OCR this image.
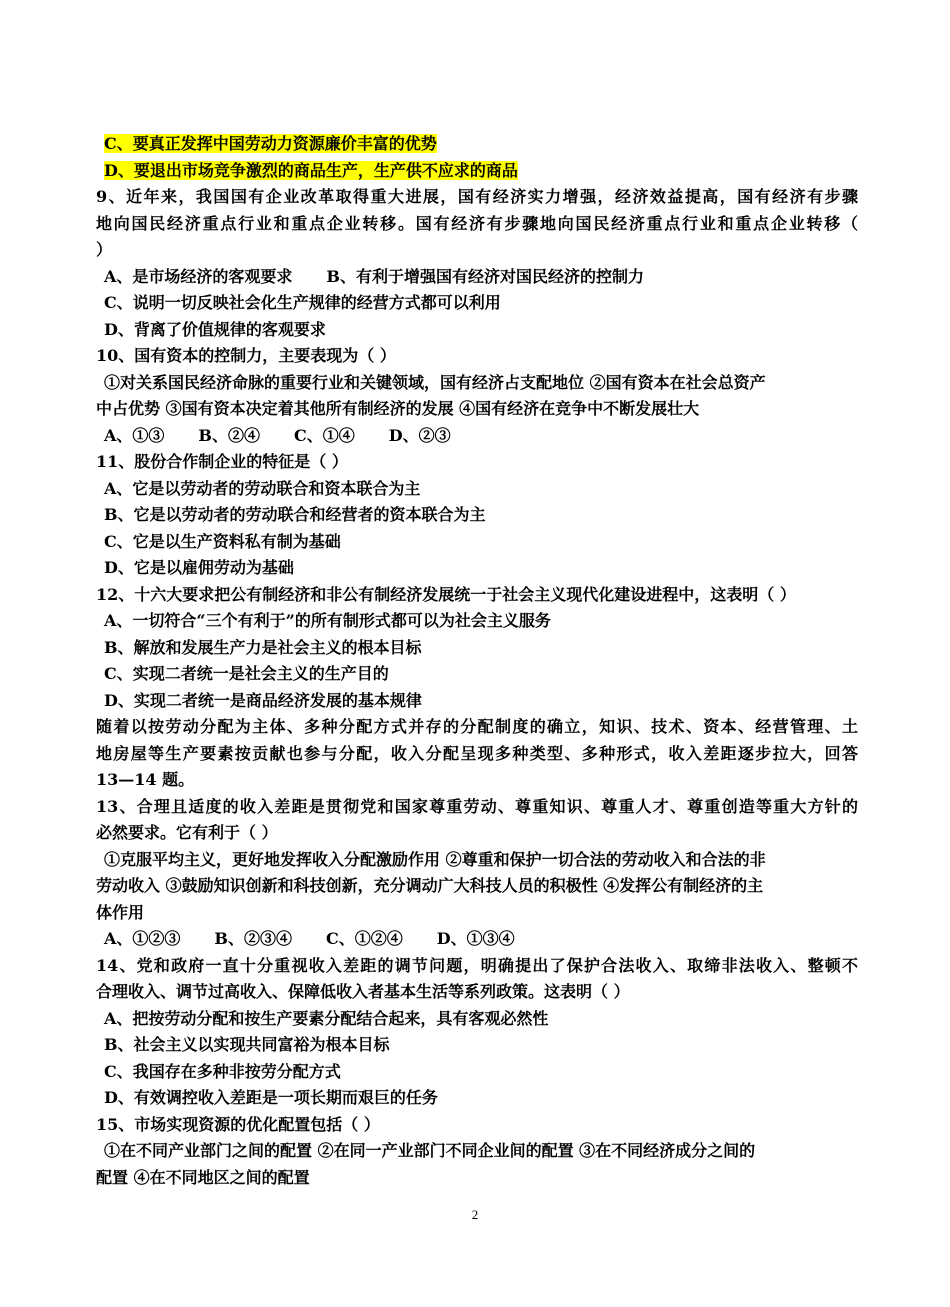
C、要真正发挥中国劳动力资源廉价丰富的优势
D、要退出市场竞争激烈的商品生产，生产供不应求的商品
9、近年来，我国国有企业改革取得重大进展，国有经济实力增强，经济效益提高，国有经济有步骤
地向国民经济重点行业和重点企业转移。国有经济有步骤地向国民经济重点行业和重点企业转移（
）
A、是市场经济的客观要求 B、有利于增强国有经济对国民经济的控制力
C、说明一切反映社会化生产规律的经营方式都可以利用
D、背离了价值规律的客观要求
10、国有资本的控制力，主要表现为（ ）
①对关系国民经济命脉的重要行业和关键领域，国有经济占支配地位 ②国有资本在社会总资产
中占优势 ③国有资本决定着其他所有制经济的发展 ④国有经济在竞争中不断发展壮大
A、①③ B、②④ C、①④ D、②③
11、股份合作制企业的特征是（ ）
A、它是以劳动者的劳动联合和资本联合为主
B、它是以劳动者的劳动联合和经营者的资本联合为主
C、它是以生产资料私有制为基础
D、它是以雇佣劳动为基础
12、十六大要求把公有制经济和非公有制经济发展统一于社会主义现代化建设进程中，这表明（ ）
A、一切符合“三个有利于”的所有制形式都可以为社会主义服务
B、解放和发展生产力是社会主义的根本目标
C、实现二者统一是社会主义的生产目的
D、实现二者统一是商品经济发展的基本规律
随着以按劳动分配为主体、多种分配方式并存的分配制度的确立，知识、技术、资本、经营管理、土
地房屋等生产要素按贡献也参与分配，收入分配呈现多种类型、多种形式，收入差距逐步拉大，回答
13—14 题。
13、合理且适度的收入差距是贯彻党和国家尊重劳动、尊重知识、尊重人才、尊重创造等重大方针的
必然要求。它有利于（ ）
①克服平均主义，更好地发挥收入分配激励作用 ②尊重和保护一切合法的劳动收入和合法的非
劳动收入 ③鼓励知识创新和科技创新，充分调动广大科技人员的积极性 ④发挥公有制经济的主
体作用
A、①②③ B、②③④ C、①②④ D、①③④
14、党和政府一直十分重视收入差距的调节问题，明确提出了保护合法收入、取缔非法收入、整顿不
合理收入、调节过高收入、保障低收入者基本生活等系列政策。这表明（ ）
A、把按劳动分配和按生产要素分配结合起来，具有客观必然性
B、社会主义以实现共同富裕为根本目标
C、我国存在多种非按劳分配方式
D、有效调控收入差距是一项长期而艰巨的任务
15、市场实现资源的优化配置包括（ ）
①在不同产业部门之间的配置 ②在同一产业部门不同企业间的配置 ③在不同经济成分之间的
配置 ④在不同地区之间的配置
2
